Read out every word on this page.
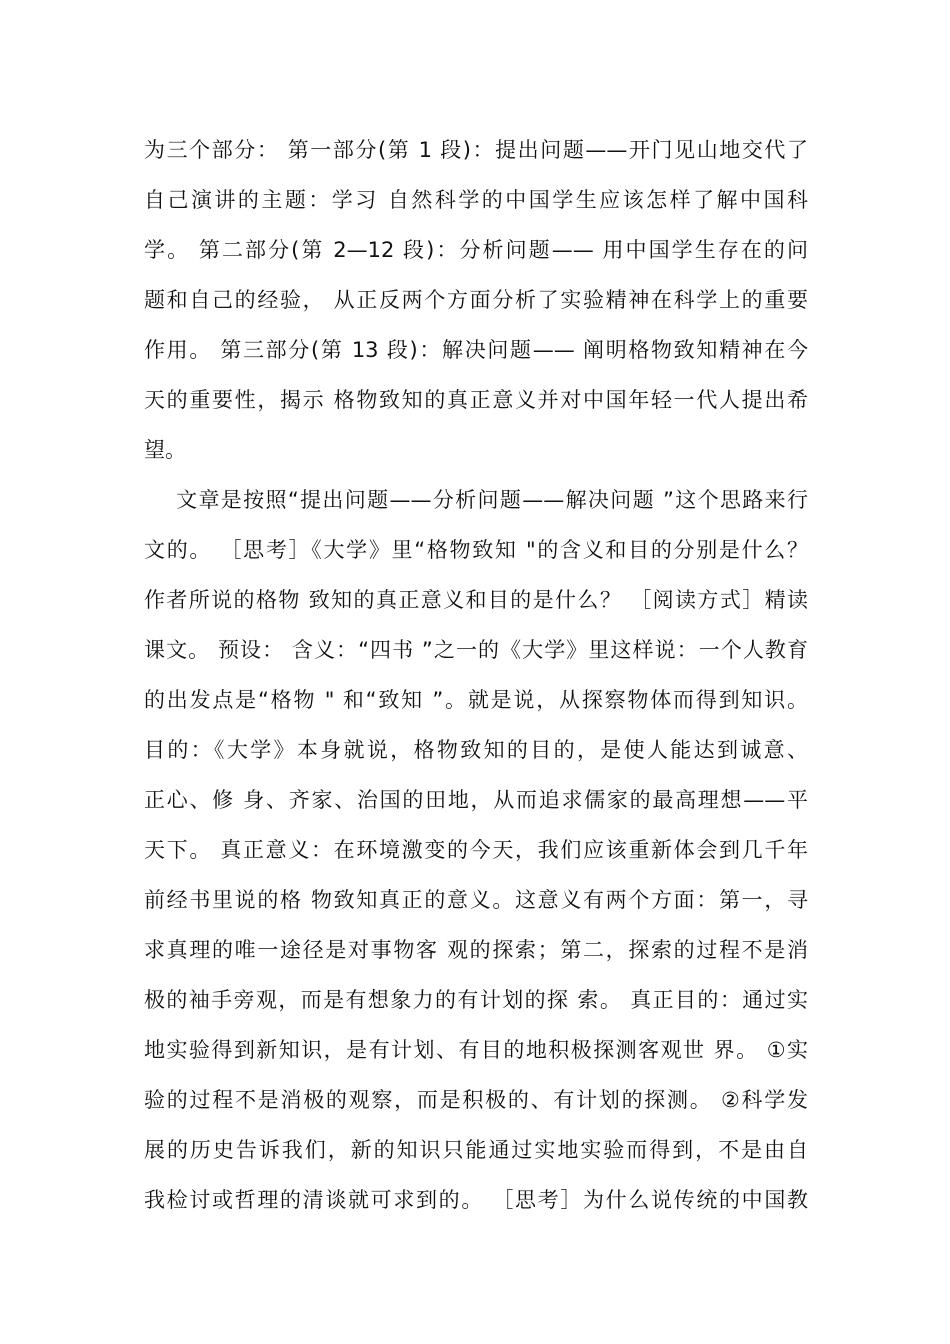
为三个部分： 第一部分(第 1 段)：提出问题——开门见山地交代了
自己演讲的主题：学习 自然科学的中国学生应该怎样了解中国科
学。 第二部分(第 2—12 段)：分析问题—— 用中国学生存在的问
题和自己的经验， 从正反两个方面分析了实验精神在科学上的重要
作用。 第三部分(第 13 段)：解决问题—— 阐明格物致知精神在今
天的重要性，揭示 格物致知的真正意义并对中国年轻一代人提出希
望。
文章是按照“提出问题——分析问题——解决问题 ”这个思路来行
文的。 ［思考］《大学》里“格物致知 "的含义和目的分别是什么？
作者所说的格物 致知的真正意义和目的是什么？ ［阅读方式］精读
课文。 预设： 含义：“四书 ”之一的《大学》里这样说：一个人教育
的出发点是“格物 " 和“致知 ”。就是说，从探察物体而得到知识。
目的：《大学》本身就说，格物致知的目的，是使人能达到诚意、
正心、修 身、齐家、治国的田地，从而追求儒家的最高理想——平
天下。 真正意义：在环境激变的今天，我们应该重新体会到几千年
前经书里说的格 物致知真正的意义。这意义有两个方面：第一，寻
求真理的唯一途径是对事物客 观的探索；第二，探索的过程不是消
极的袖手旁观，而是有想象力的有计划的探 索。 真正目的：通过实
地实验得到新知识，是有计划、有目的地积极探测客观世 界。 ①实
验的过程不是消极的观察，而是积极的、有计划的探测。 ②科学发
展的历史告诉我们，新的知识只能通过实地实验而得到，不是由自
我检讨或哲理的清谈就可求到的。 ［思考］为什么说传统的中国教
